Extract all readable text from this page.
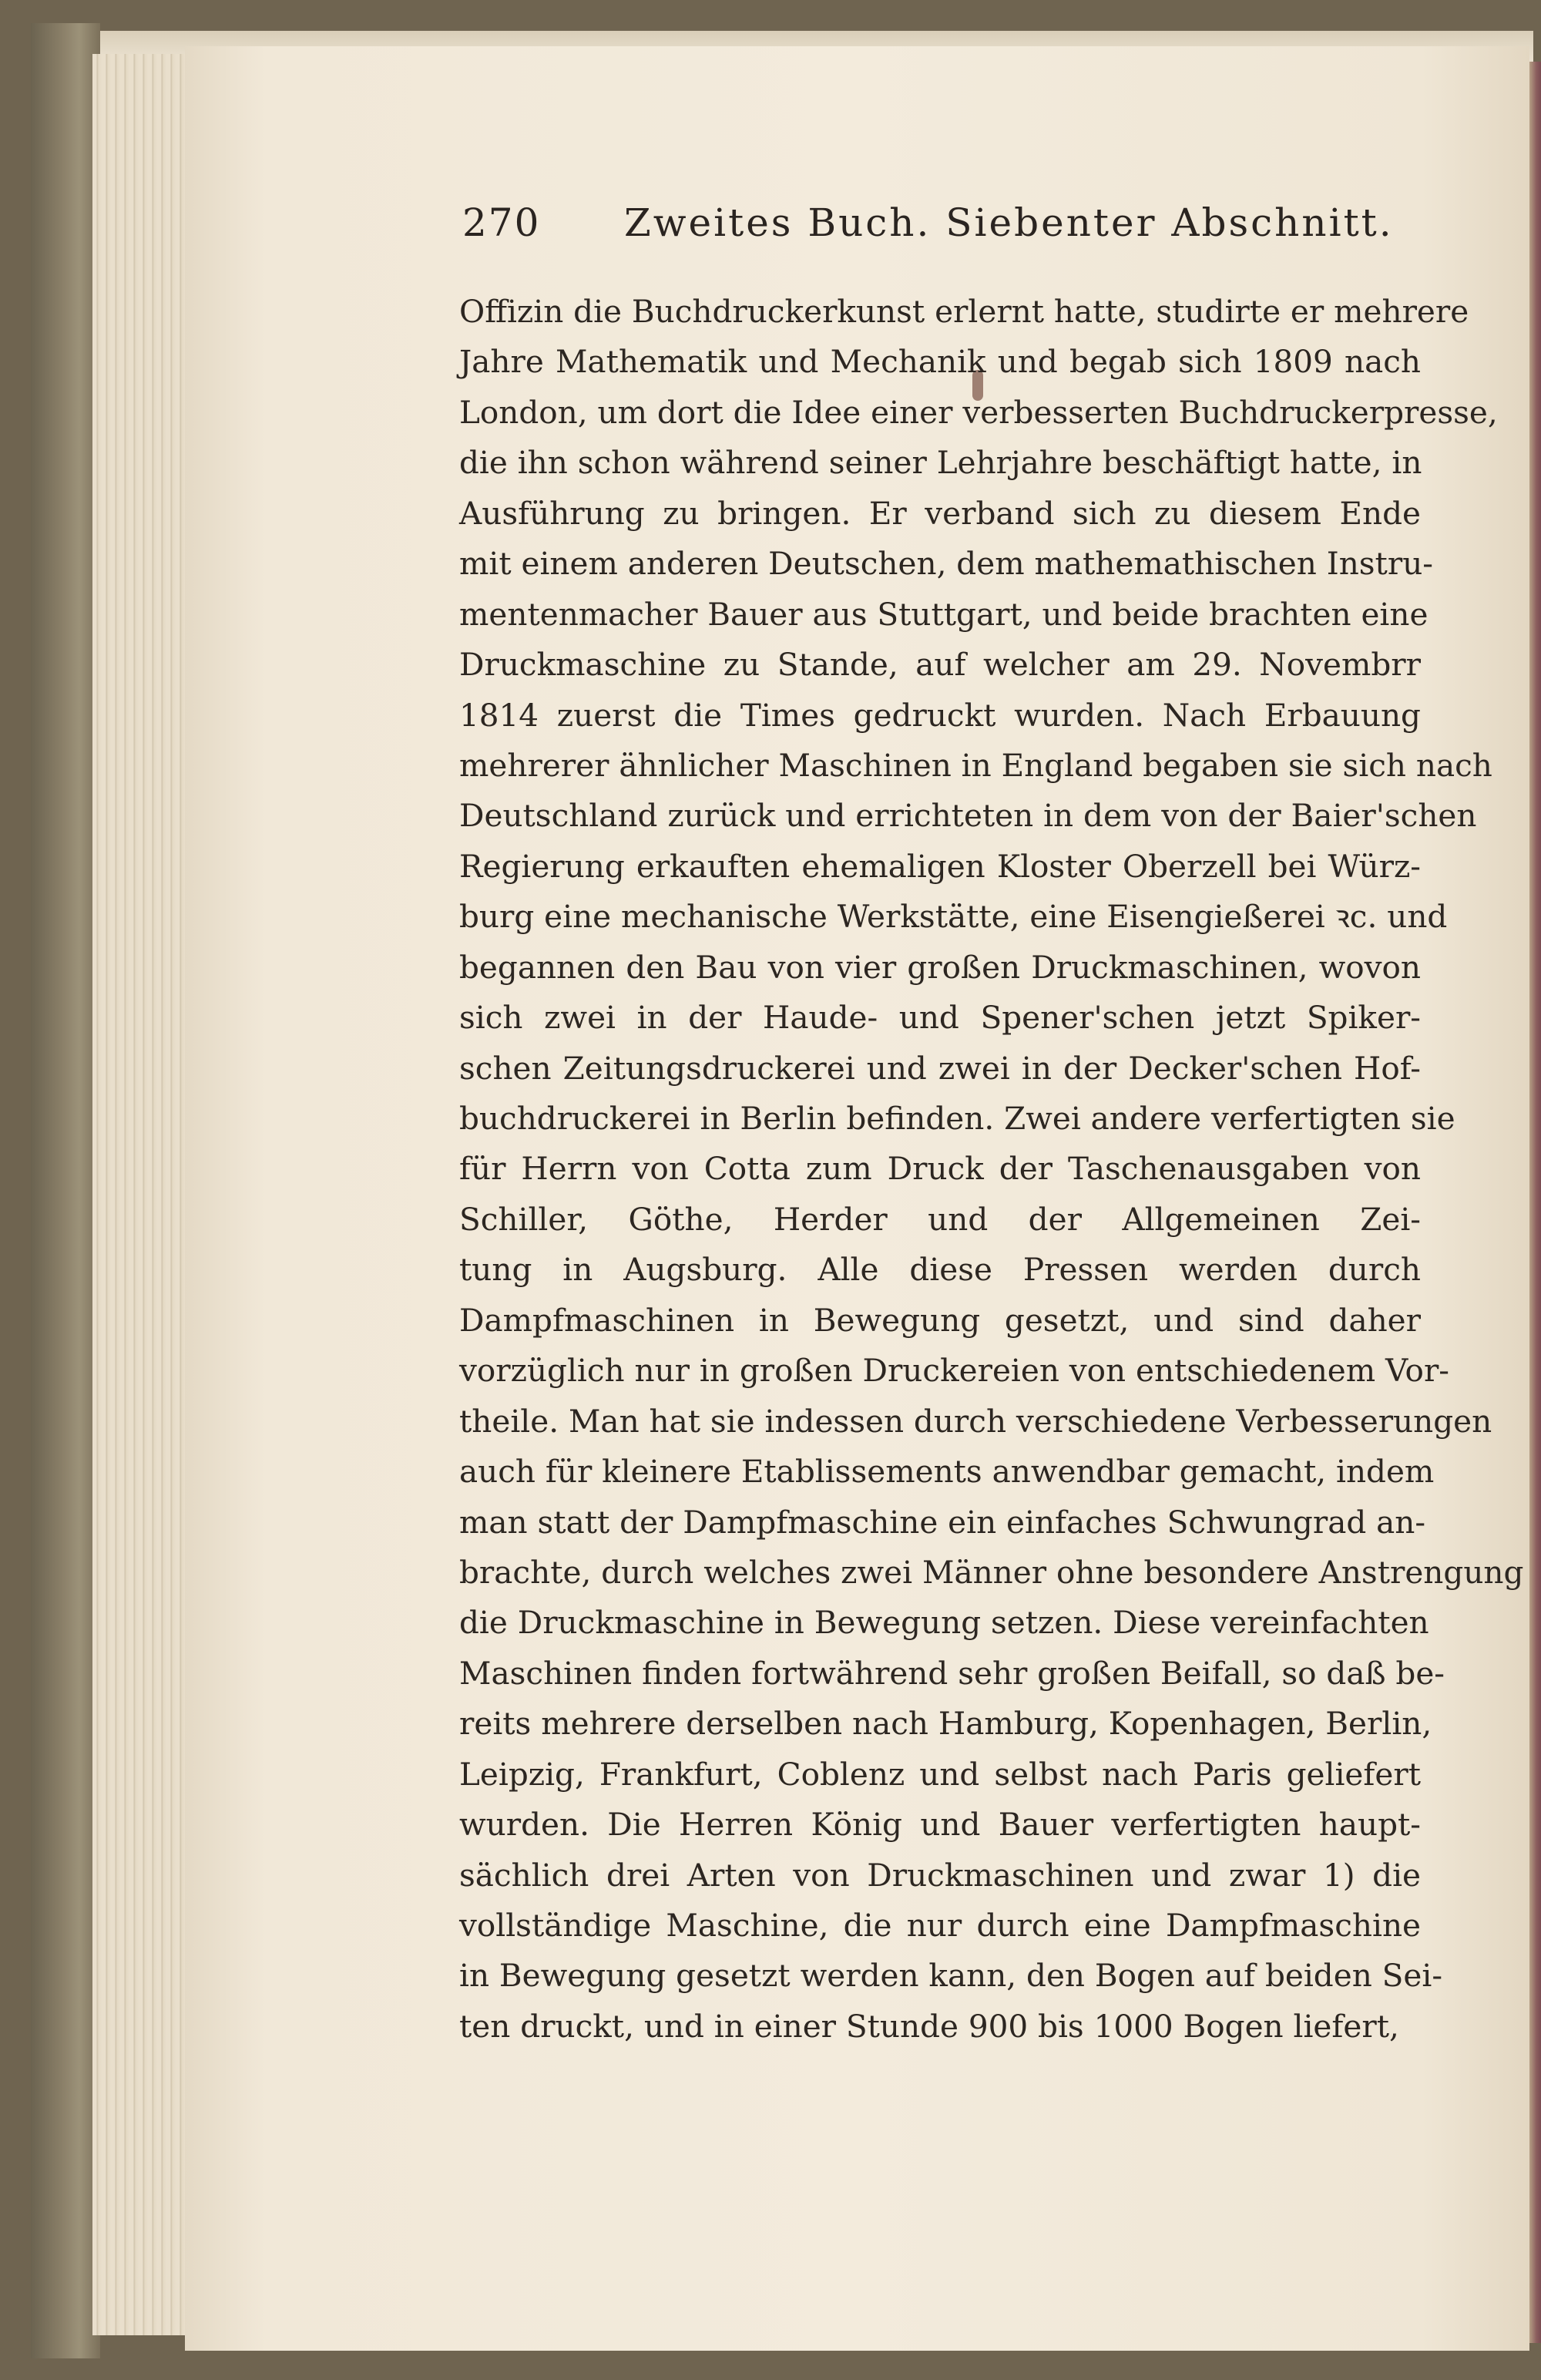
270 Zweites Buch. Siebenter Abschnitt.
Offizin die Buchdruckerkunst erlernt hatte, studirte er mehrere
Jahre Mathematik und Mechanik und begab sich 1809 nach
London, um dort die Idee einer verbesserten Buchdruckerpresse,
die ihn schon während seiner Lehrjahre beschäftigt hatte, in
Ausführung zu bringen. Er verband sich zu diesem Ende
mit einem anderen Deutschen, dem mathemathischen Instru-
mentenmacher Bauer aus Stuttgart, und beide brachten eine
Druckmaschine zu Stande, auf welcher am 29. Novembrr
1814 zuerst die Times gedruckt wurden. Nach Erbauung
mehrerer ähnlicher Maschinen in England begaben sie sich nach
Deutschland zurück und errichteten in dem von der Baier'schen
Regierung erkauften ehemaligen Kloster Oberzell bei Würz-
burg eine mechanische Werkstätte, eine Eisengießerei ꝛc. und
begannen den Bau von vier großen Druckmaschinen, wovon
sich zwei in der Haude- und Spener'schen jetzt Spiker-
schen Zeitungsdruckerei und zwei in der Decker'schen Hof-
buchdruckerei in Berlin befinden. Zwei andere verfertigten sie
für Herrn von Cotta zum Druck der Taschenausgaben von
Schiller, Göthe, Herder und der Allgemeinen Zei-
tung in Augsburg. Alle diese Pressen werden durch
Dampfmaschinen in Bewegung gesetzt, und sind daher
vorzüglich nur in großen Druckereien von entschiedenem Vor-
theile. Man hat sie indessen durch verschiedene Verbesserungen
auch für kleinere Etablissements anwendbar gemacht, indem
man statt der Dampfmaschine ein einfaches Schwungrad an-
brachte, durch welches zwei Männer ohne besondere Anstrengung
die Druckmaschine in Bewegung setzen. Diese vereinfachten
Maschinen finden fortwährend sehr großen Beifall, so daß be-
reits mehrere derselben nach Hamburg, Kopenhagen, Berlin,
Leipzig, Frankfurt, Coblenz und selbst nach Paris geliefert
wurden. Die Herren König und Bauer verfertigten haupt-
sächlich drei Arten von Druckmaschinen und zwar 1) die
vollständige Maschine, die nur durch eine Dampfmaschine
in Bewegung gesetzt werden kann, den Bogen auf beiden Sei-
ten druckt, und in einer Stunde 900 bis 1000 Bogen liefert,
